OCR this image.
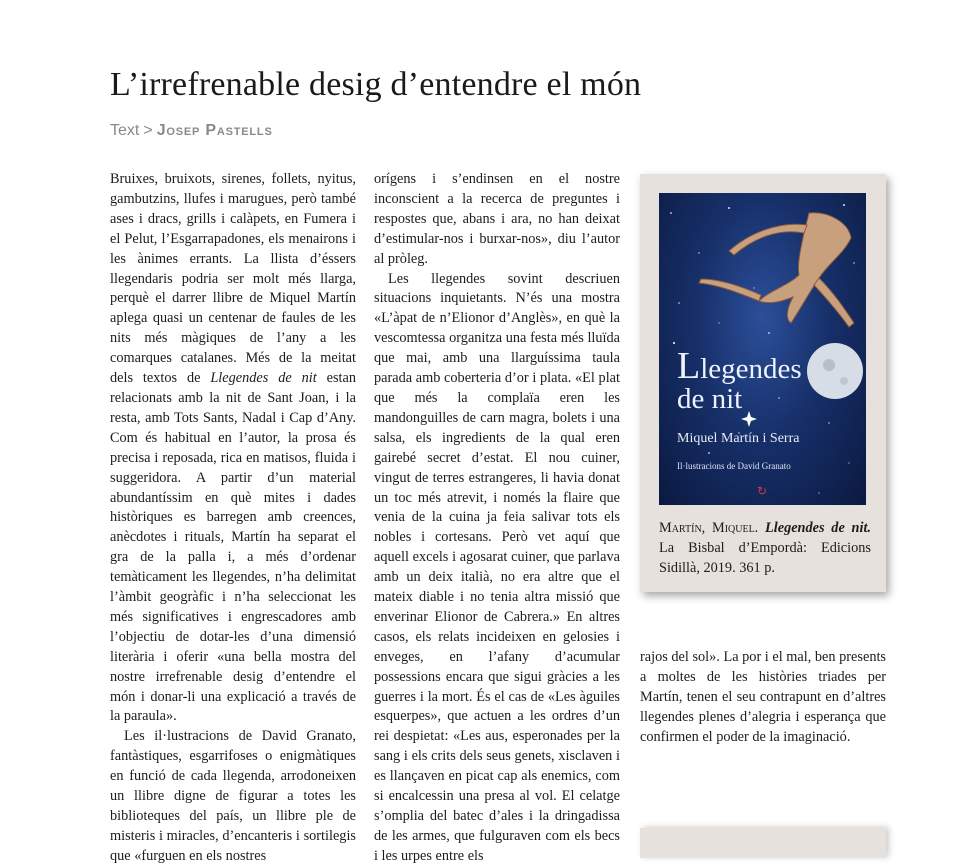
L’irrefrenable desig d’entendre el món
Text > Josep Pastells

Bruixes, bruixots, sirenes, follets, nyitus, gambutzins, llufes i marugues, però també ases i dracs, grills i calàpets, en Fumera i el Pelut, l’Esgarrapadones, els menairons i les ànimes errants. La llista d’éssers llegendaris podria ser molt més llarga, perquè el darrer llibre de Miquel Martín aplega quasi un centenar de faules de les nits més màgiques de l’any a les comarques catalanes. Més de la meitat dels textos de Llegendes de nit estan relacionats amb la nit de Sant Joan, i la resta, amb Tots Sants, Nadal i Cap d’Any. Com és habitual en l’autor, la prosa és precisa i reposada, rica en matisos, fluida i suggeridora. A partir d’un material abundantíssim en què mites i dades històriques es barregen amb creences, anècdotes i rituals, Martín ha separat el gra de la palla i, a més d’ordenar temàticament les llegendes, n’ha delimitat l’àmbit geogràfic i n’ha seleccionat les més significatives i engrescadores amb l’objectiu de dotar-les d’una dimensió literària i oferir «una bella mostra del nostre irrefrenable desig d’entendre el món i donar-li una explicació a través de la paraula».

Les il·lustracions de David Granato, fantàstiques, esgarrifoses o enigmàtiques en funció de cada llegenda, arrodoneixen un llibre digne de figurar a totes les biblioteques del país, un llibre ple de misteris i miracles, d’encanteris i sortilegis que «furguen en els nostres

orígens i s’endinsen en el nostre inconscient a la recerca de preguntes i respostes que, abans i ara, no han deixat d’estimular-nos i burxar-nos», diu l’autor al pròleg.

Les llegendes sovint descriuen situacions inquietants. N’és una mostra «L’àpat de n’Elionor d’Anglès», en què la vescomtessa organitza una festa més lluïda que mai, amb una llarguíssima taula parada amb coberteria d’or i plata. «El plat que més la complaïa eren les mandonguilles de carn magra, bolets i una salsa, els ingredients de la qual eren gairebé secret d’estat. El nou cuiner, vingut de terres estrangeres, li havia donat un toc més atrevit, i només la flaire que venia de la cuina ja feia salivar tots els nobles i cortesans. Però vet aquí que aquell excels i agosarat cuiner, que parlava amb un deix italià, no era altre que el mateix diable i no tenia altra missió que enverinar Elionor de Cabrera.» En altres casos, els relats incideixen en gelosies i enveges, en l’afany d’acumular possessions encara que sigui gràcies a les guerres i la mort. És el cas de «Les àguiles esquerpes», que actuen a les ordres d’un rei despietat: «Les aus, esperonades per la sang i els crits dels seus genets, xisclaven i es llançaven en picat cap als enemics, com si encalcessin una presa al vol. El celatge s’omplia del batec d’ales i la dringadissa de les armes, que fulguraven com els becs i les urpes entre els

Llegendes
de nit
Miquel Martín i Serra
Il·lustracions de David Granato
↻
Martín, Miquel. Llegendes de nit. La Bisbal d’Empordà: Edicions Sidillà, 2019. 361 p.

rajos del sol». La por i el mal, ben presents a moltes de les històries triades per Martín, tenen el seu contrapunt en d’altres llegendes plenes d’alegria i esperança que confirmen el poder de la imaginació.
